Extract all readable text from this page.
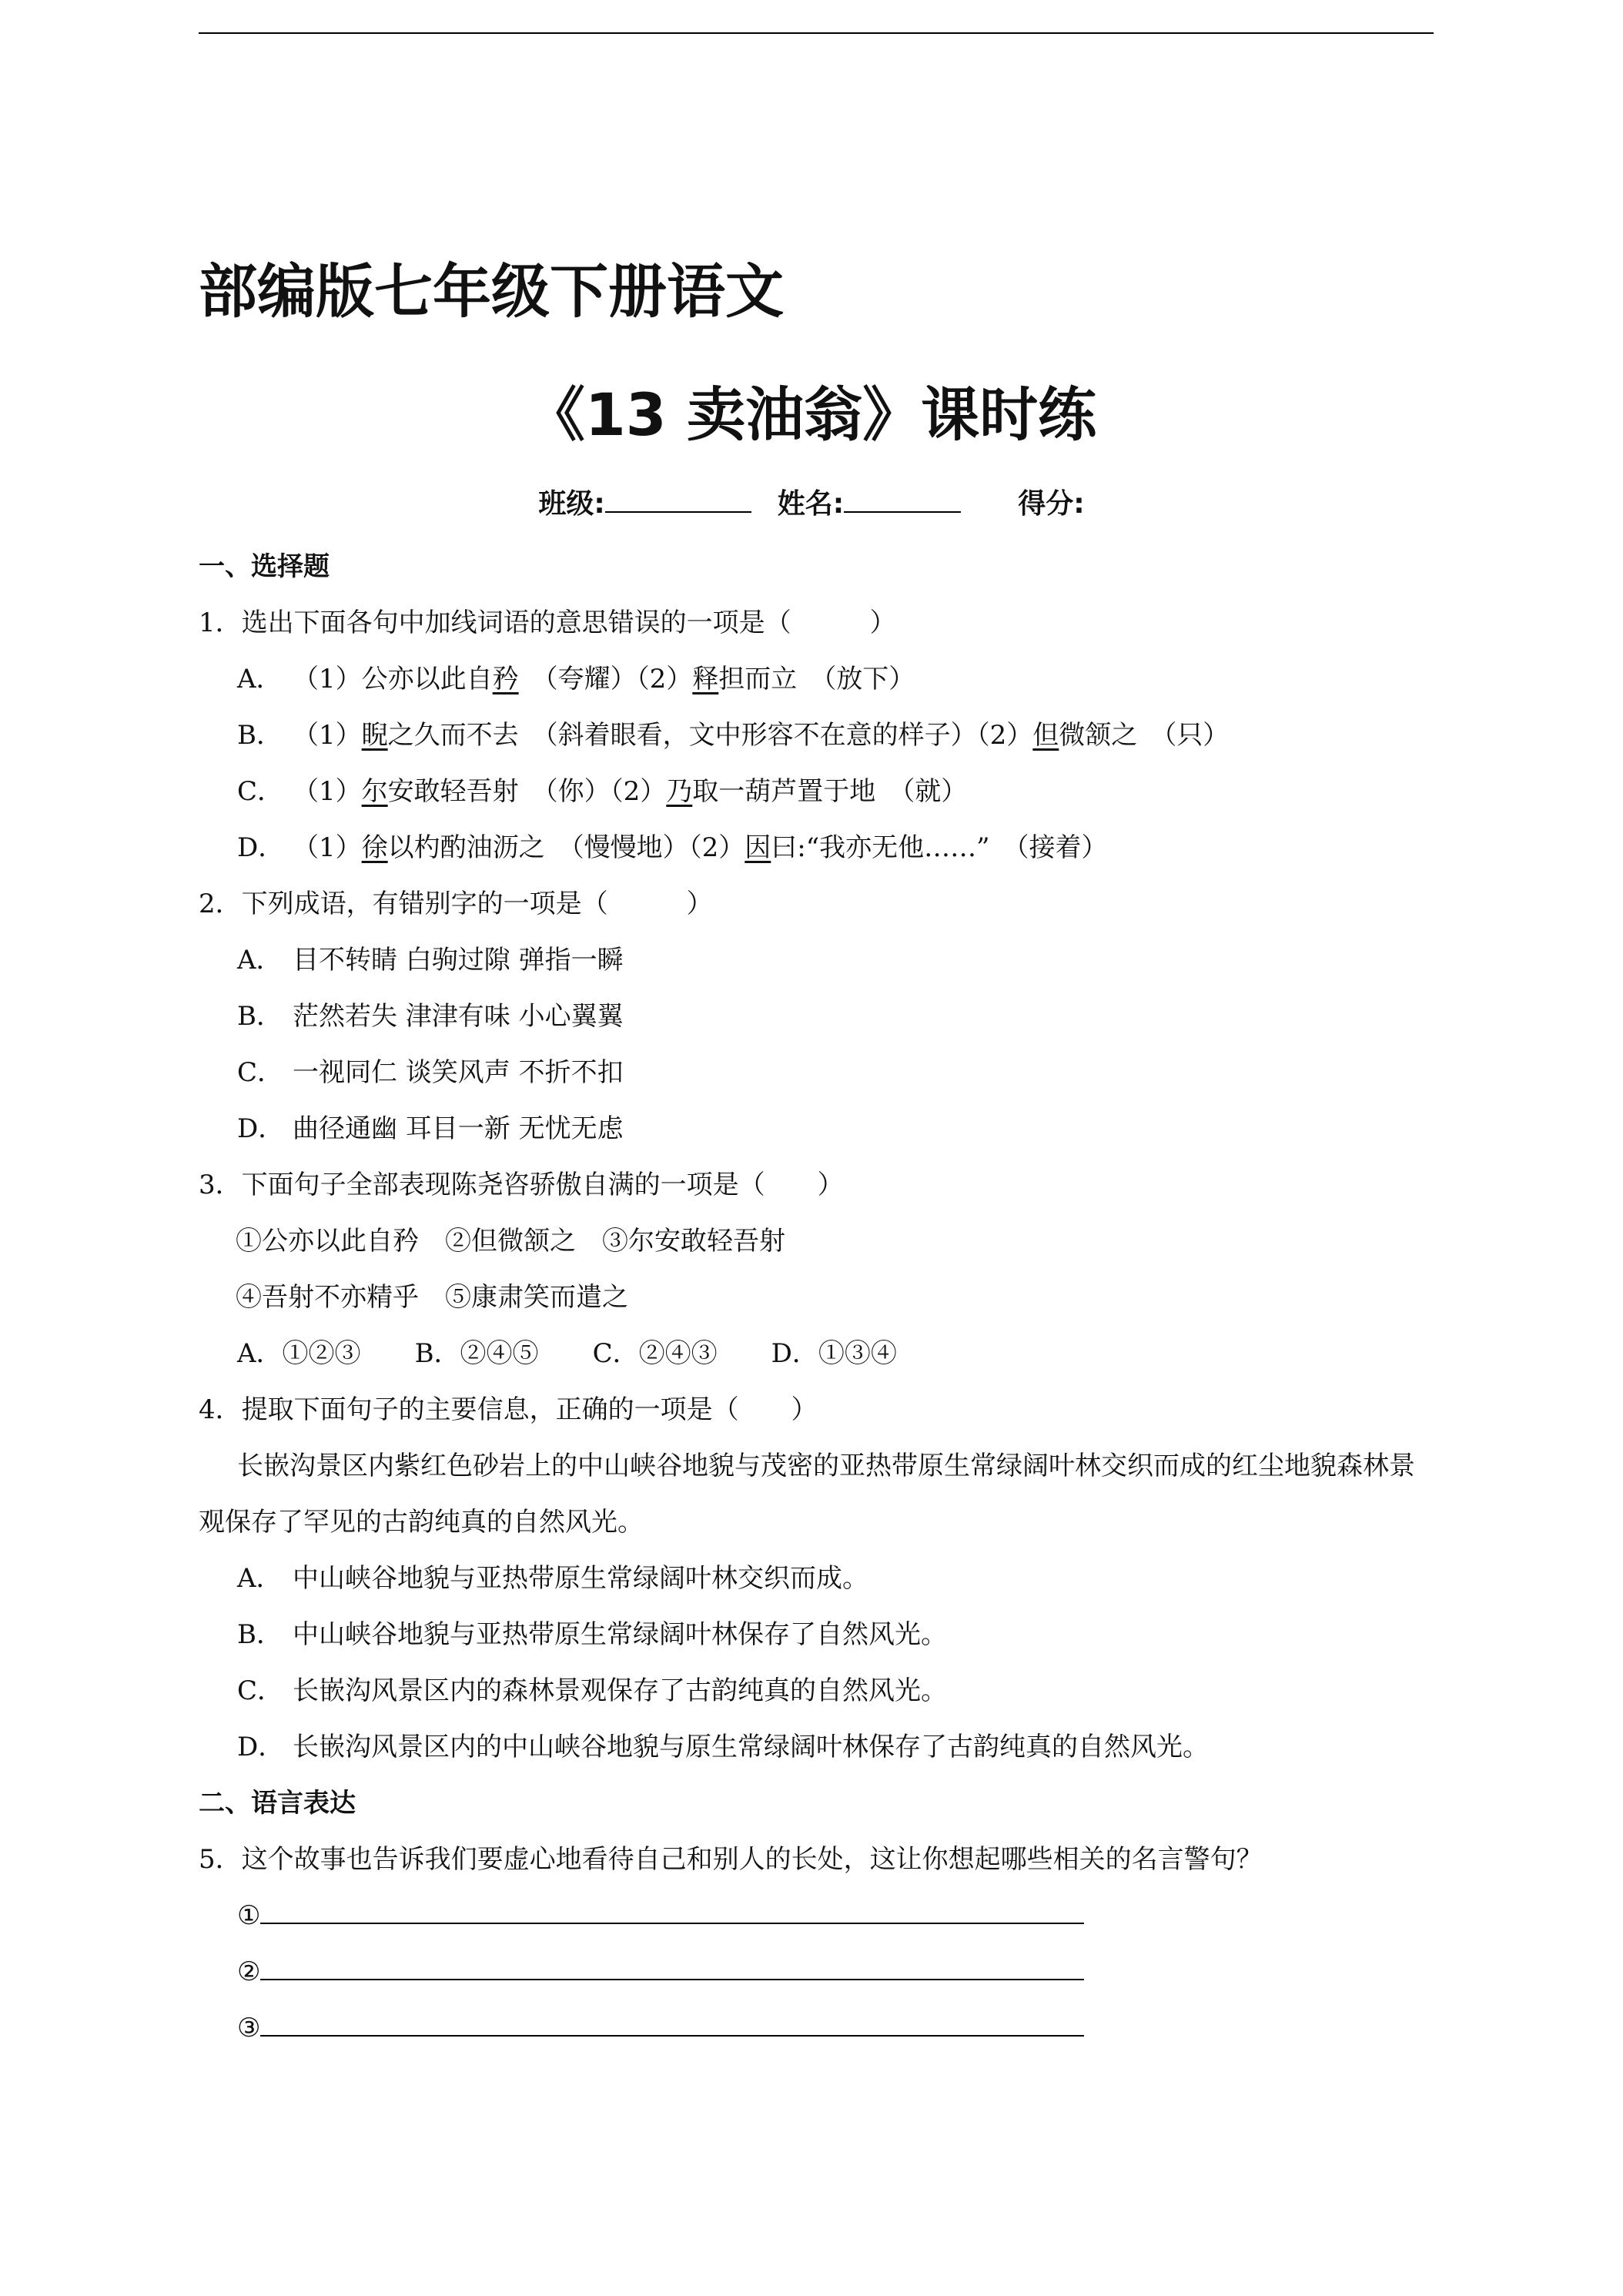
部编版七年级下册语文
《13 卖油翁》课时练
班级:	姓名:	得分:
一、选择题
1．选出下面各句中加线词语的意思错误的一项是（　　　）
A． （1）公亦以此自矜　（夸耀）（2）释担而立　（放下）
B． （1）睨之久而不去　（斜着眼看，文中形容不在意的样子）（2）但微颔之　（只）
C． （1）尔安敢轻吾射　（你）（2）乃取一葫芦置于地　（就）
D． （1）徐以杓酌油沥之　（慢慢地）（2）因曰:“我亦无他……”　（接着）
2．下列成语，有错别字的一项是（　　　）
A． 目不转睛 白驹过隙 弹指一瞬
B． 茫然若失 津津有味 小心翼翼
C． 一视同仁 谈笑风声 不折不扣
D． 曲径通幽 耳目一新 无忧无虑
3．下面句子全部表现陈尧咨骄傲自满的一项是（　　）
①公亦以此自矜　②但微颔之　③尔安敢轻吾射
④吾射不亦精乎　⑤康肃笑而遣之
A．①②③ B．②④⑤ C．②④③ D．①③④
4．提取下面句子的主要信息，正确的一项是（　　）
长嵌沟景区内紫红色砂岩上的中山峡谷地貌与茂密的亚热带原生常绿阔叶林交织而成的红尘地貌森林景观保存了罕见的古韵纯真的自然风光。
A． 中山峡谷地貌与亚热带原生常绿阔叶林交织而成。
B． 中山峡谷地貌与亚热带原生常绿阔叶林保存了自然风光。
C． 长嵌沟风景区内的森林景观保存了古韵纯真的自然风光。
D． 长嵌沟风景区内的中山峡谷地貌与原生常绿阔叶林保存了古韵纯真的自然风光。
二、语言表达
5．这个故事也告诉我们要虚心地看待自己和别人的长处，这让你想起哪些相关的名言警句？
①
②
③
